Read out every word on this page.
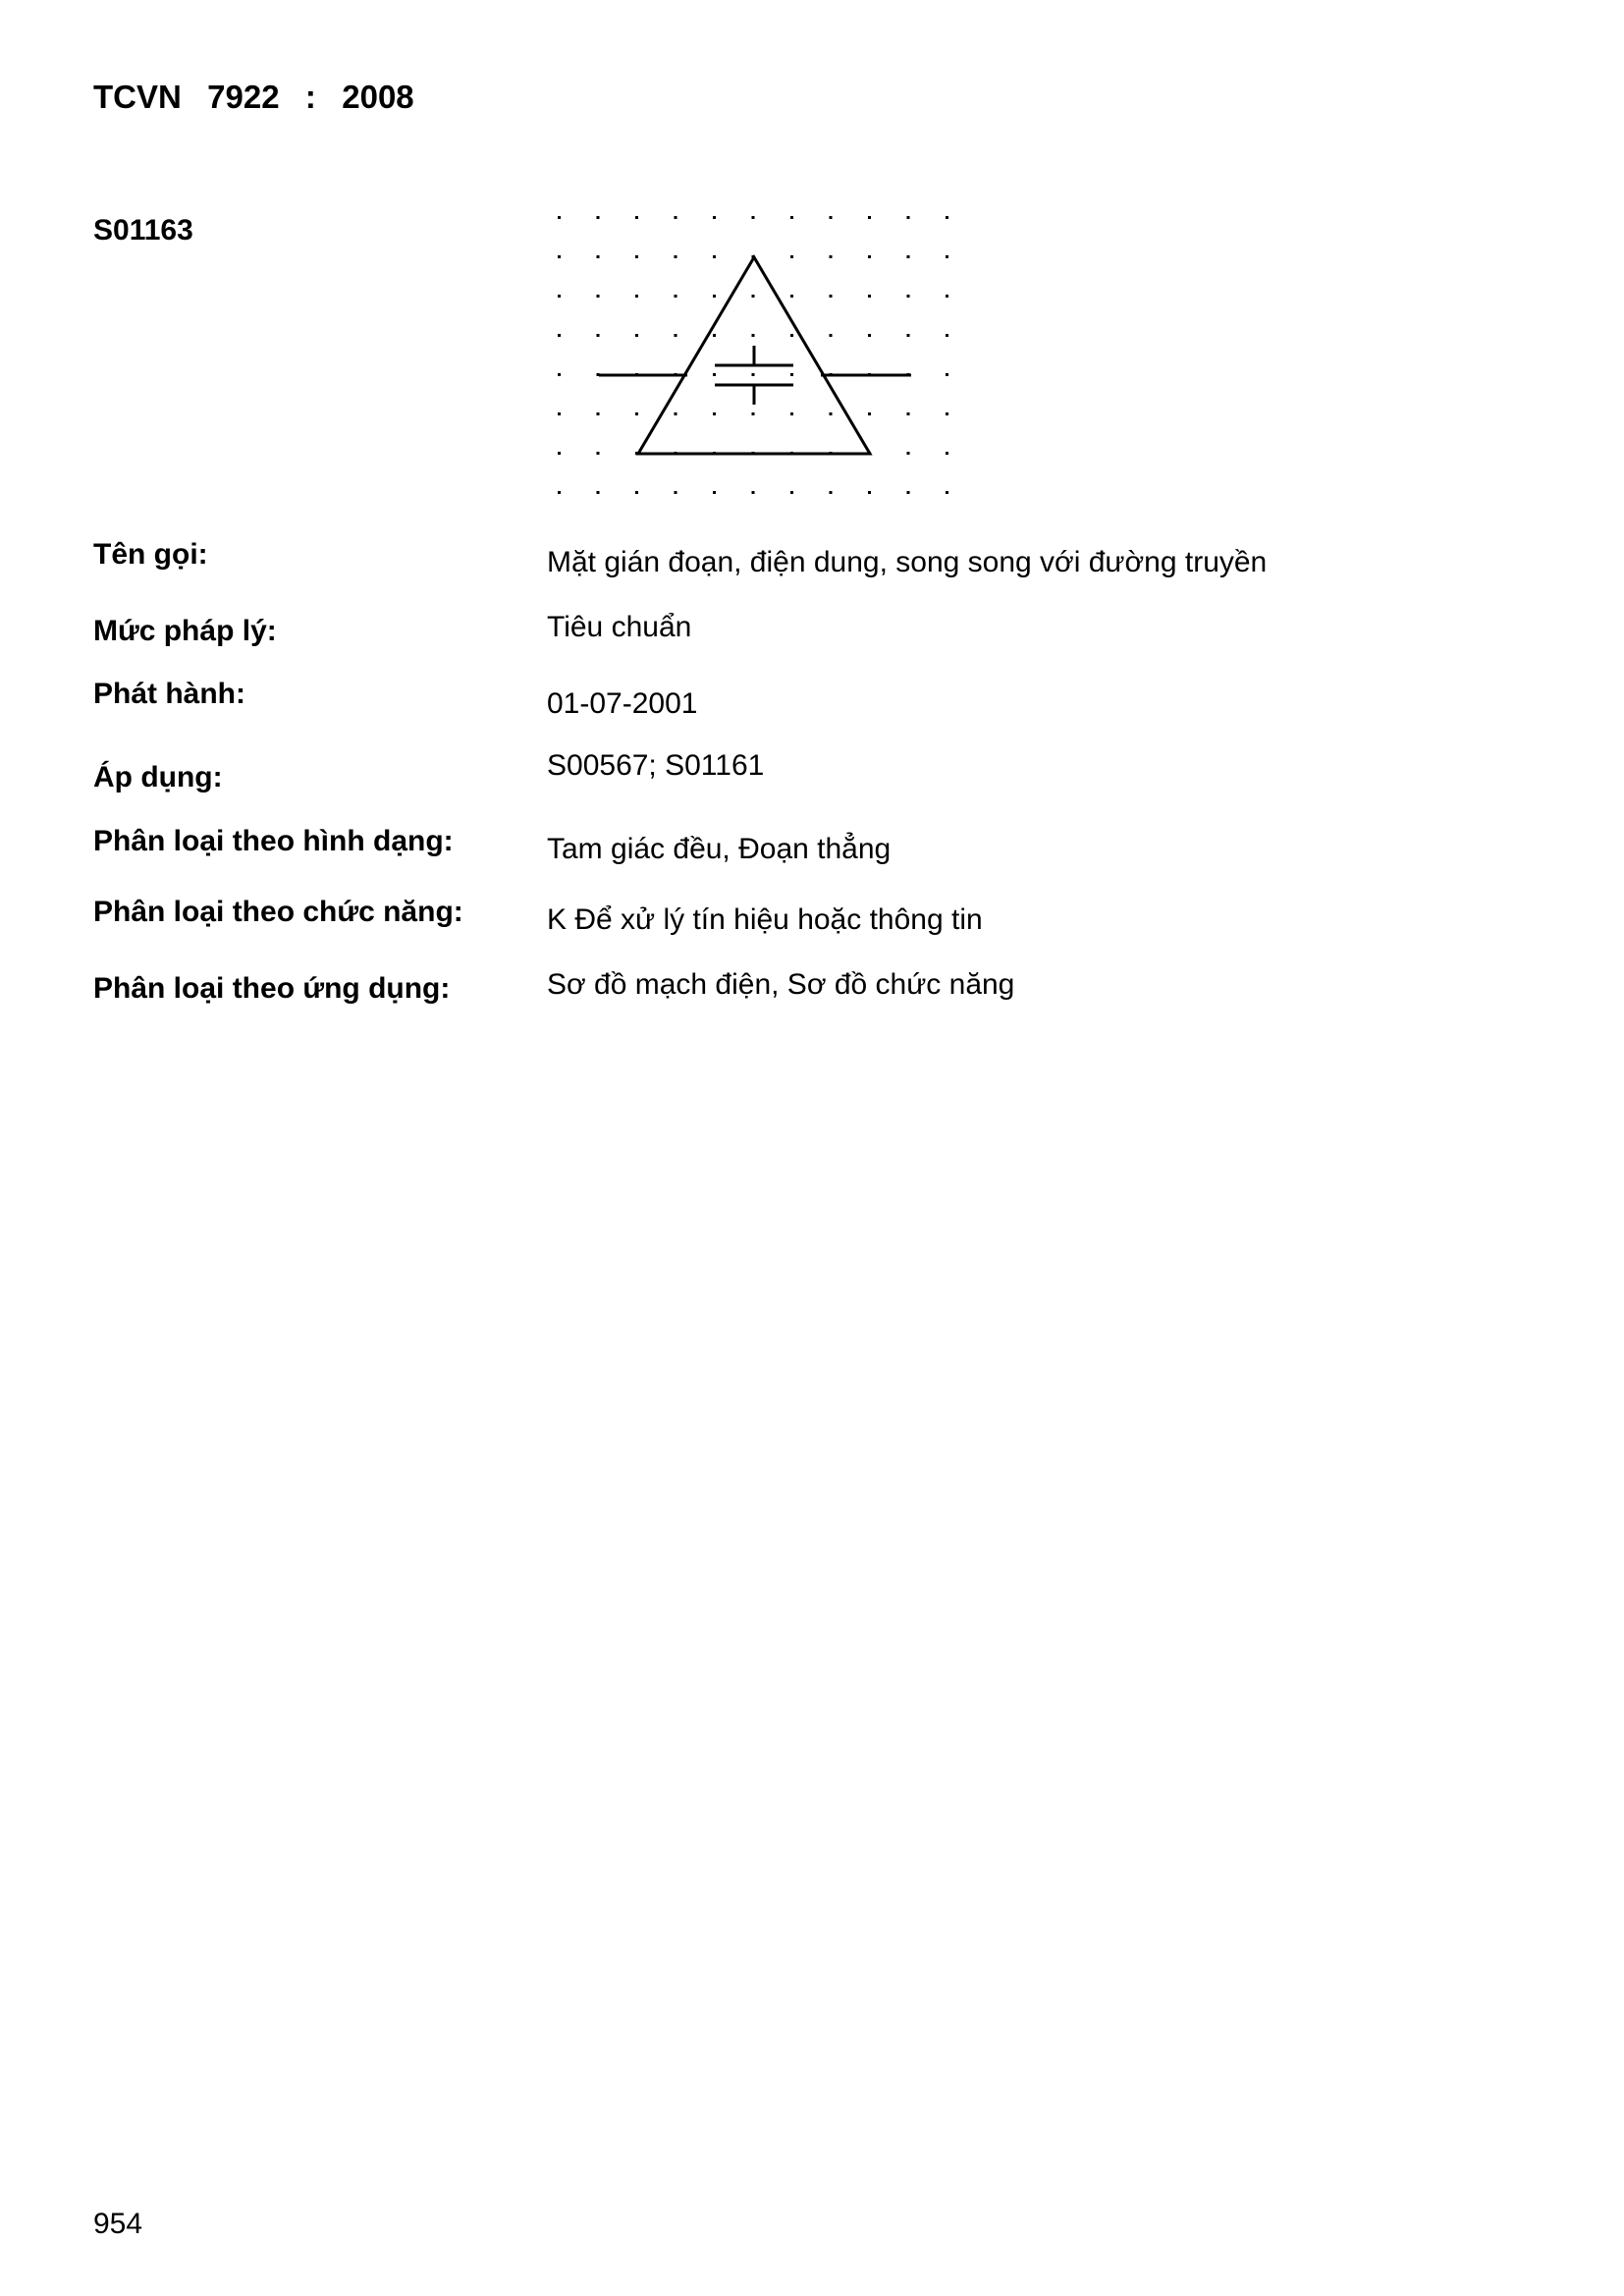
TCVN  7922  :  2008
S01163
Tên gọi:	Mặt gián đoạn, điện dung, song song với đường truyền
Mức pháp lý:	Tiêu chuẩn
Phát hành:	01-07-2001
Áp dụng:	S00567; S01161
Phân loại theo hình dạng:	Tam giác đều, Đoạn thẳng
Phân loại theo chức năng:	K Để xử lý tín hiệu hoặc thông tin
Phân loại theo ứng dụng:	Sơ đồ mạch điện, Sơ đồ chức năng
954
